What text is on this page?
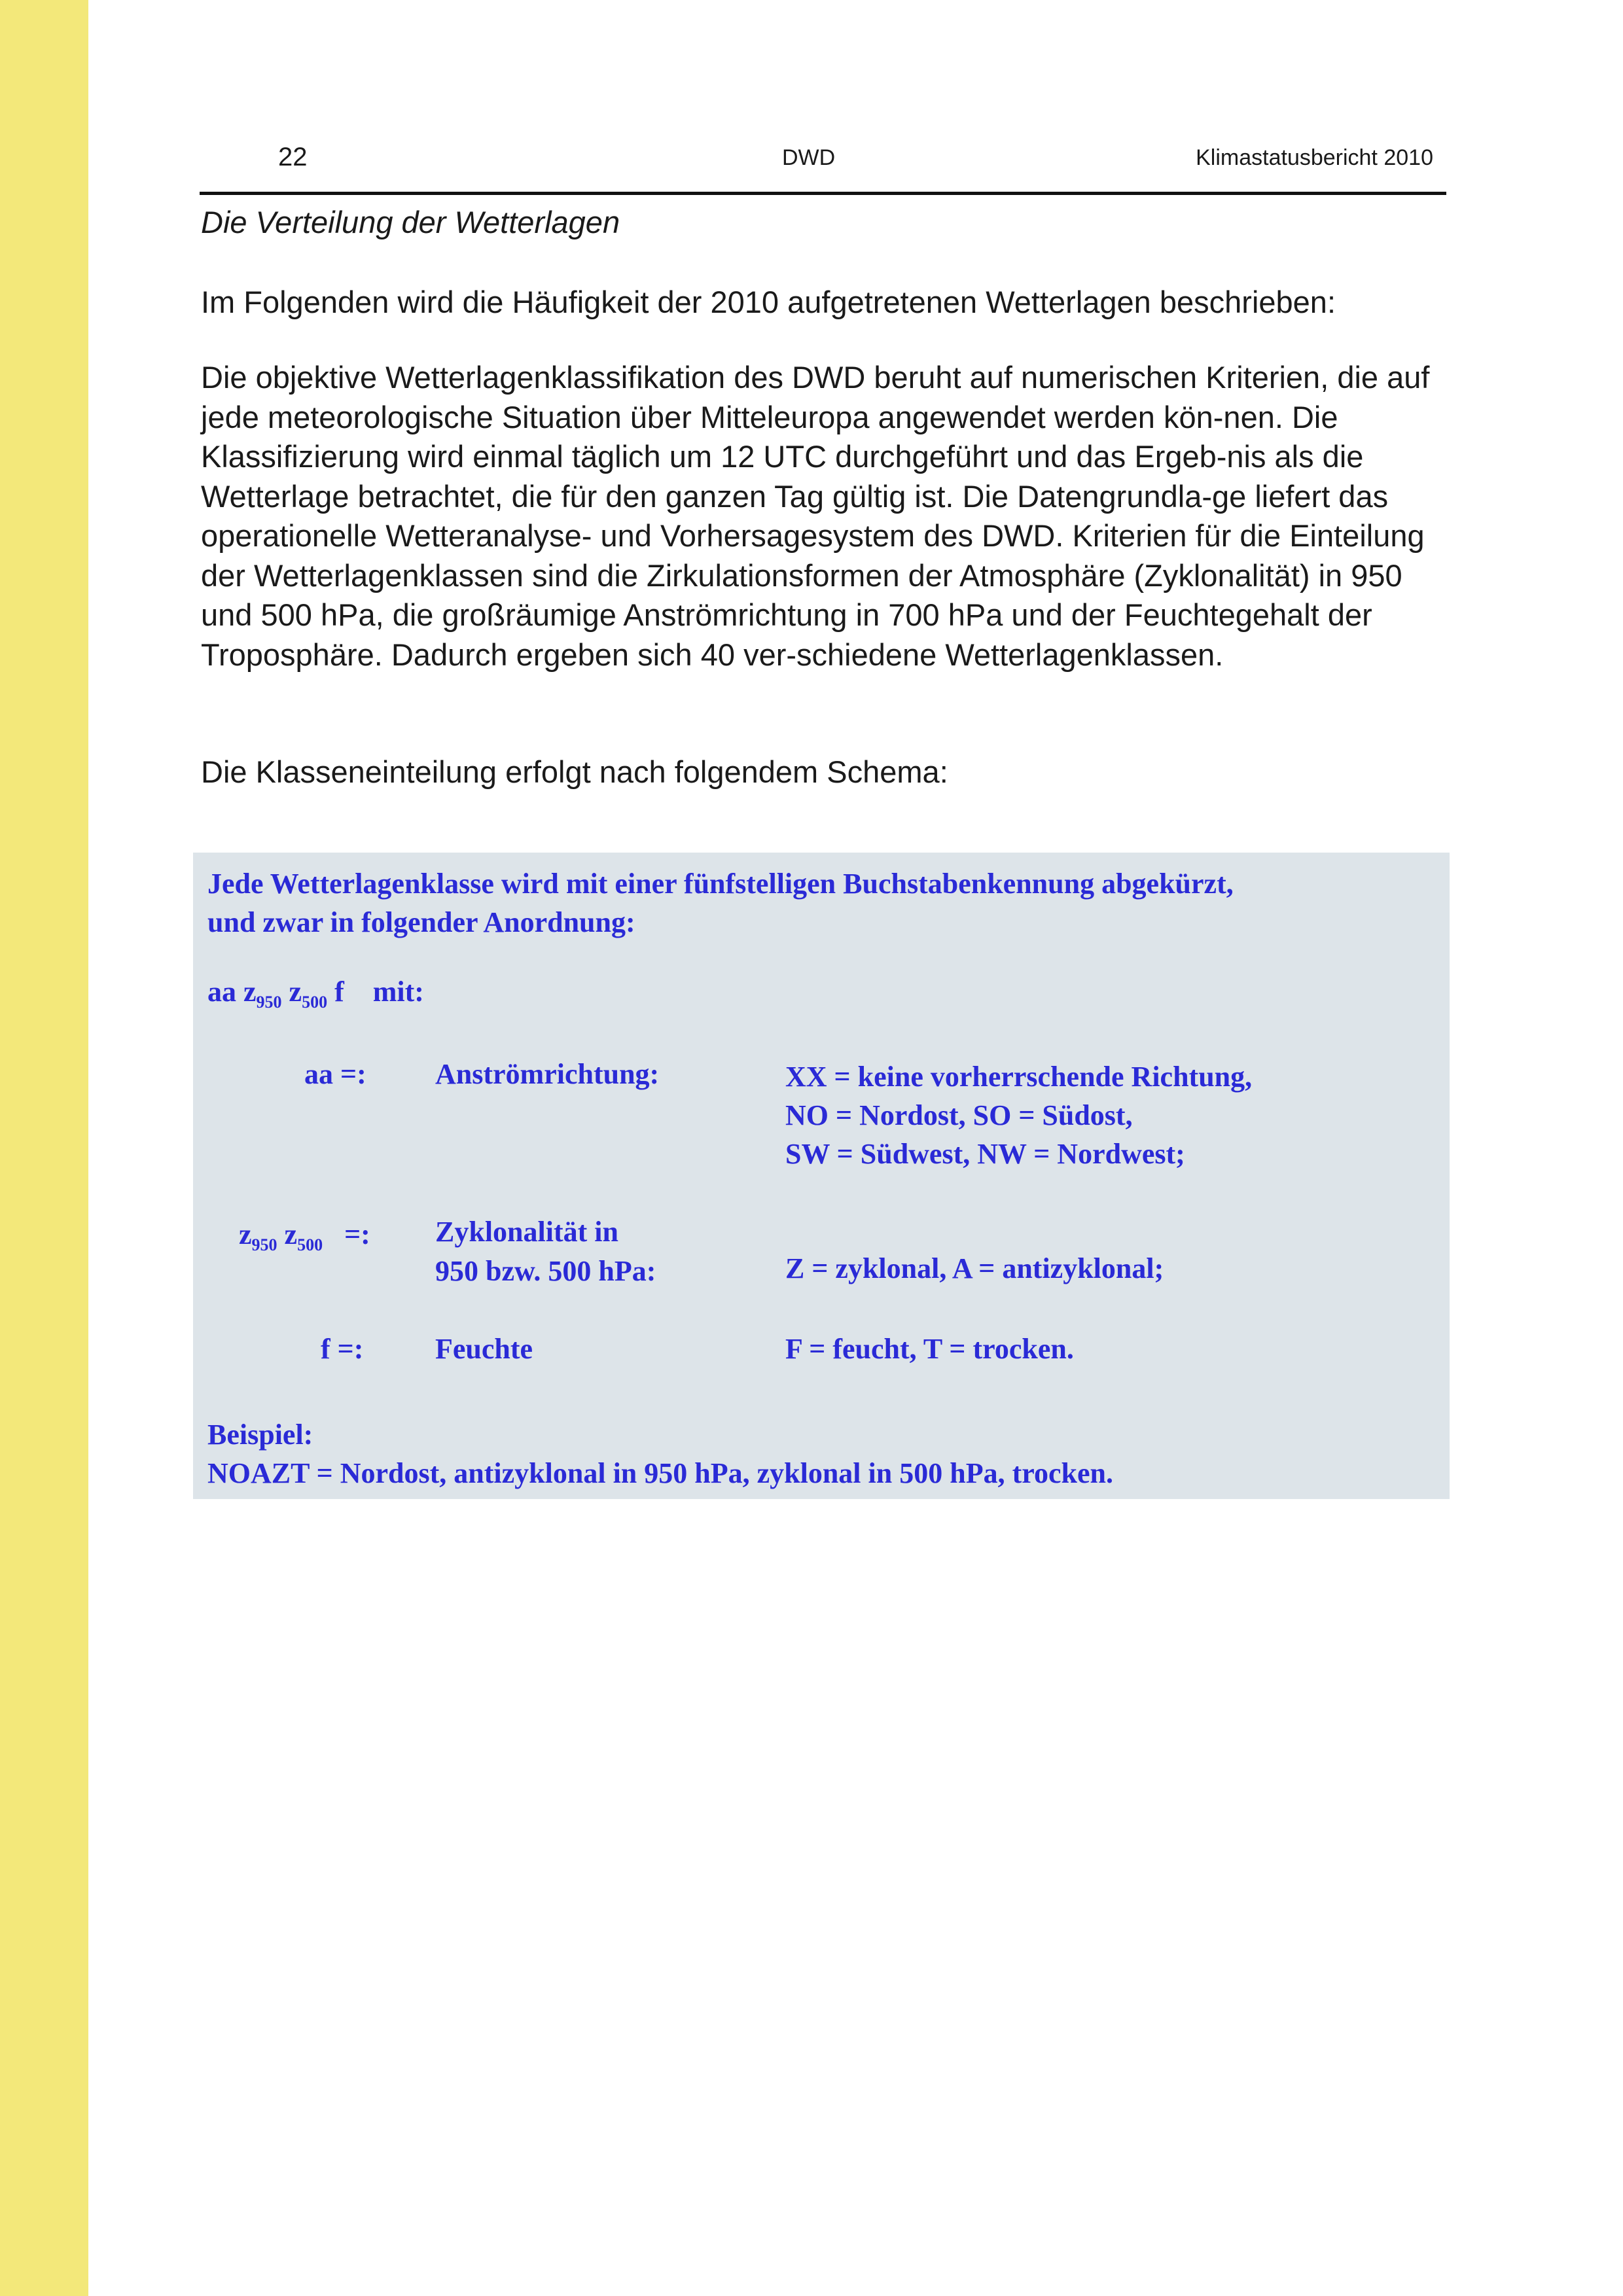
22	DWD	Klimastatusbericht 2010
Die Verteilung der Wetterlagen

Im Folgenden wird die Häufigkeit der 2010 aufgetretenen Wetterlagen beschrieben:

Die objektive Wetterlagenklassifikation des DWD beruht auf numerischen Kriterien, die auf jede meteorologische Situation über Mitteleuropa angewendet werden kön-nen. Die Klassifizierung wird einmal täglich um 12 UTC durchgeführt und das Ergeb-nis als die Wetterlage betrachtet, die für den ganzen Tag gültig ist. Die Datengrundla-ge liefert das operationelle Wetteranalyse- und Vorhersagesystem des DWD. Kriterien für die Einteilung der Wetterlagenklassen sind die Zirkulationsformen der Atmosphäre (Zyklonalität) in 950 und 500 hPa, die großräumige Anströmrichtung in 700 hPa und der Feuchtegehalt der Troposphäre. Dadurch ergeben sich 40 ver-schiedene Wetterlagenklassen.

Die Klasseneinteilung erfolgt nach folgendem Schema:

Jede Wetterlagenklasse wird mit einer fünfstelligen Buchstabenkennung abgekürzt,
und zwar in folgender Anordnung:
aa $z_{950}$ $z_{500}$ f mit:
aa =: Anströmrichtung:	XX = keine vorherrschende Richtung,
NO = Nordost, SO = Südost,
SW = Südwest, NW = Nordwest;
$z_{950}$ $z_{500}$ =: Zyklonalität in
950 bzw. 500 hPa:	Z = zyklonal, A = antizyklonal;
f =: Feuchte	F = feucht, T = trocken.
Beispiel:
NOAZT = Nordost, antizyklonal in 950 hPa, zyklonal in 500 hPa, trocken.
